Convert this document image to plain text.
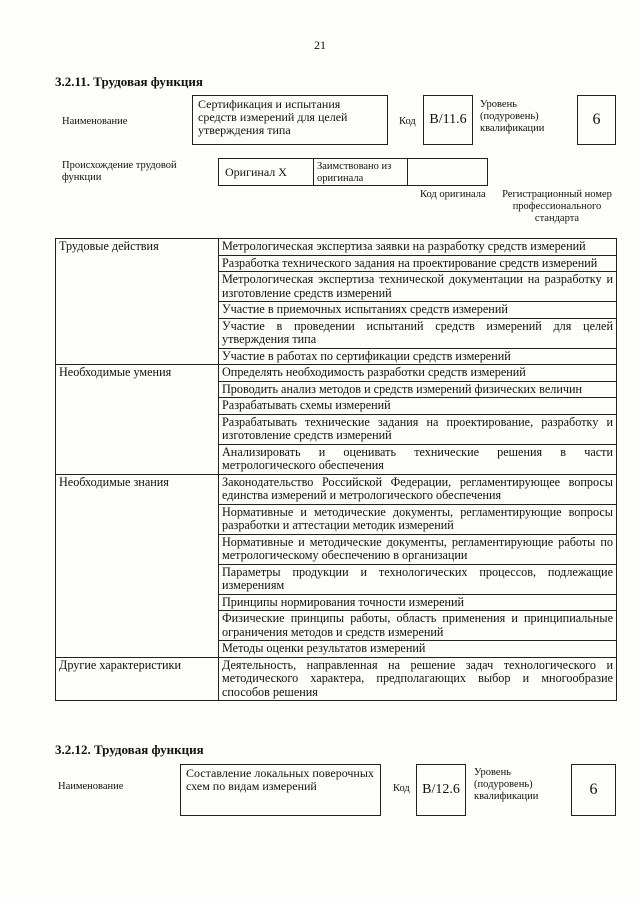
21
3.2.11. Трудовая функция
Наименование
Сертификация и испытания средств измерений для целей утверждения типа
Код B/11.6
Уровень (подуровень) квалификации
6
Происхождение трудовой функции	Оригинал X	Заимствовано из оригинала
Код оригинала	Регистрационный номер профессионального стандарта
Трудовые действия	Метрологическая экспертиза заявки на разработку средств измерений
	Разработка технического задания на проектирование средств измерений
	Метрологическая экспертиза технической документации на разработку и изготовление средств измерений
	Участие в приемочных испытаниях средств измерений
	Участие в проведении испытаний средств измерений для целей утверждения типа
	Участие в работах по сертификации средств измерений
Необходимые умения	Определять необходимость разработки средств измерений
	Проводить анализ методов и средств измерений физических величин
	Разрабатывать схемы измерений
	Разрабатывать технические задания на проектирование, разработку и изготовление средств измерений
	Анализировать и оценивать технические решения в части метрологического обеспечения
Необходимые знания	Законодательство Российской Федерации, регламентирующее вопросы единства измерений и метрологического обеспечения
	Нормативные и методические документы, регламентирующие вопросы разработки и аттестации методик измерений
	Нормативные и методические документы, регламентирующие работы по метрологическому обеспечению в организации
	Параметры продукции и технологических процессов, подлежащие измерениям
	Принципы нормирования точности измерений
	Физические принципы работы, область применения и принципиальные ограничения методов и средств измерений
	Методы оценки результатов измерений
Другие характеристики	Деятельность, направленная на решение задач технологического и методического характера, предполагающих выбор и многообразие способов решения
3.2.12. Трудовая функция
Наименование
Составление локальных поверочных схем по видам измерений	Код B/12.6
Уровень (подуровень) квалификации	6
